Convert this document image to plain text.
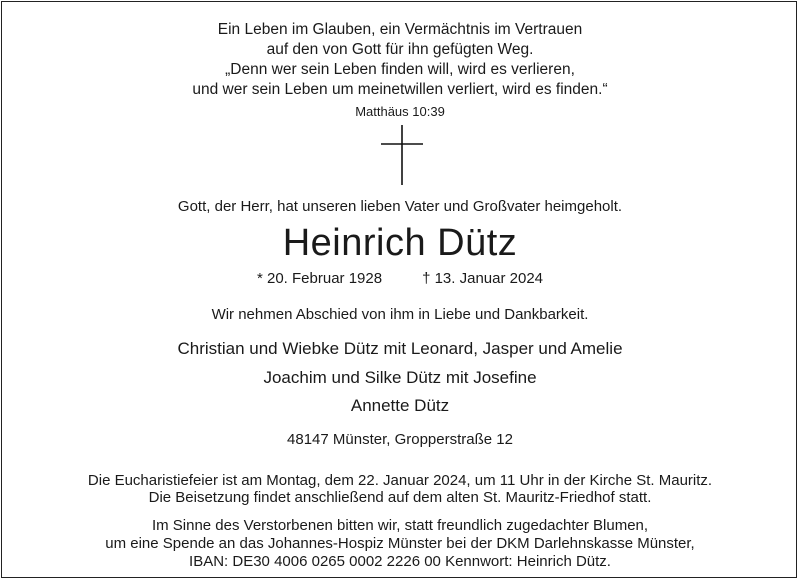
Ein Leben im Glauben, ein Vermächtnis im Vertrauen
auf den von Gott für ihn gefügten Weg.
„Denn wer sein Leben finden will, wird es verlieren,
und wer sein Leben um meinetwillen verliert, wird es finden.“
Matthäus 10:39
Gott, der Herr, hat unseren lieben Vater und Großvater heimgeholt.
Heinrich Dütz
* 20. Februar 1928	† 13. Januar 2024
Wir nehmen Abschied von ihm in Liebe und Dankbarkeit.
Christian und Wiebke Dütz mit Leonard, Jasper und Amelie
Joachim und Silke Dütz mit Josefine
Annette Dütz
48147 Münster, Gropperstraße 12
Die Eucharistiefeier ist am Montag, dem 22. Januar 2024, um 11 Uhr in der Kirche St. Mauritz.
Die Beisetzung findet anschließend auf dem alten St. Mauritz-Friedhof statt.
Im Sinne des Verstorbenen bitten wir, statt freundlich zugedachter Blumen,
um eine Spende an das Johannes-Hospiz Münster bei der DKM Darlehnskasse Münster,
IBAN: DE30 4006 0265 0002 2226 00 Kennwort: Heinrich Dütz.
